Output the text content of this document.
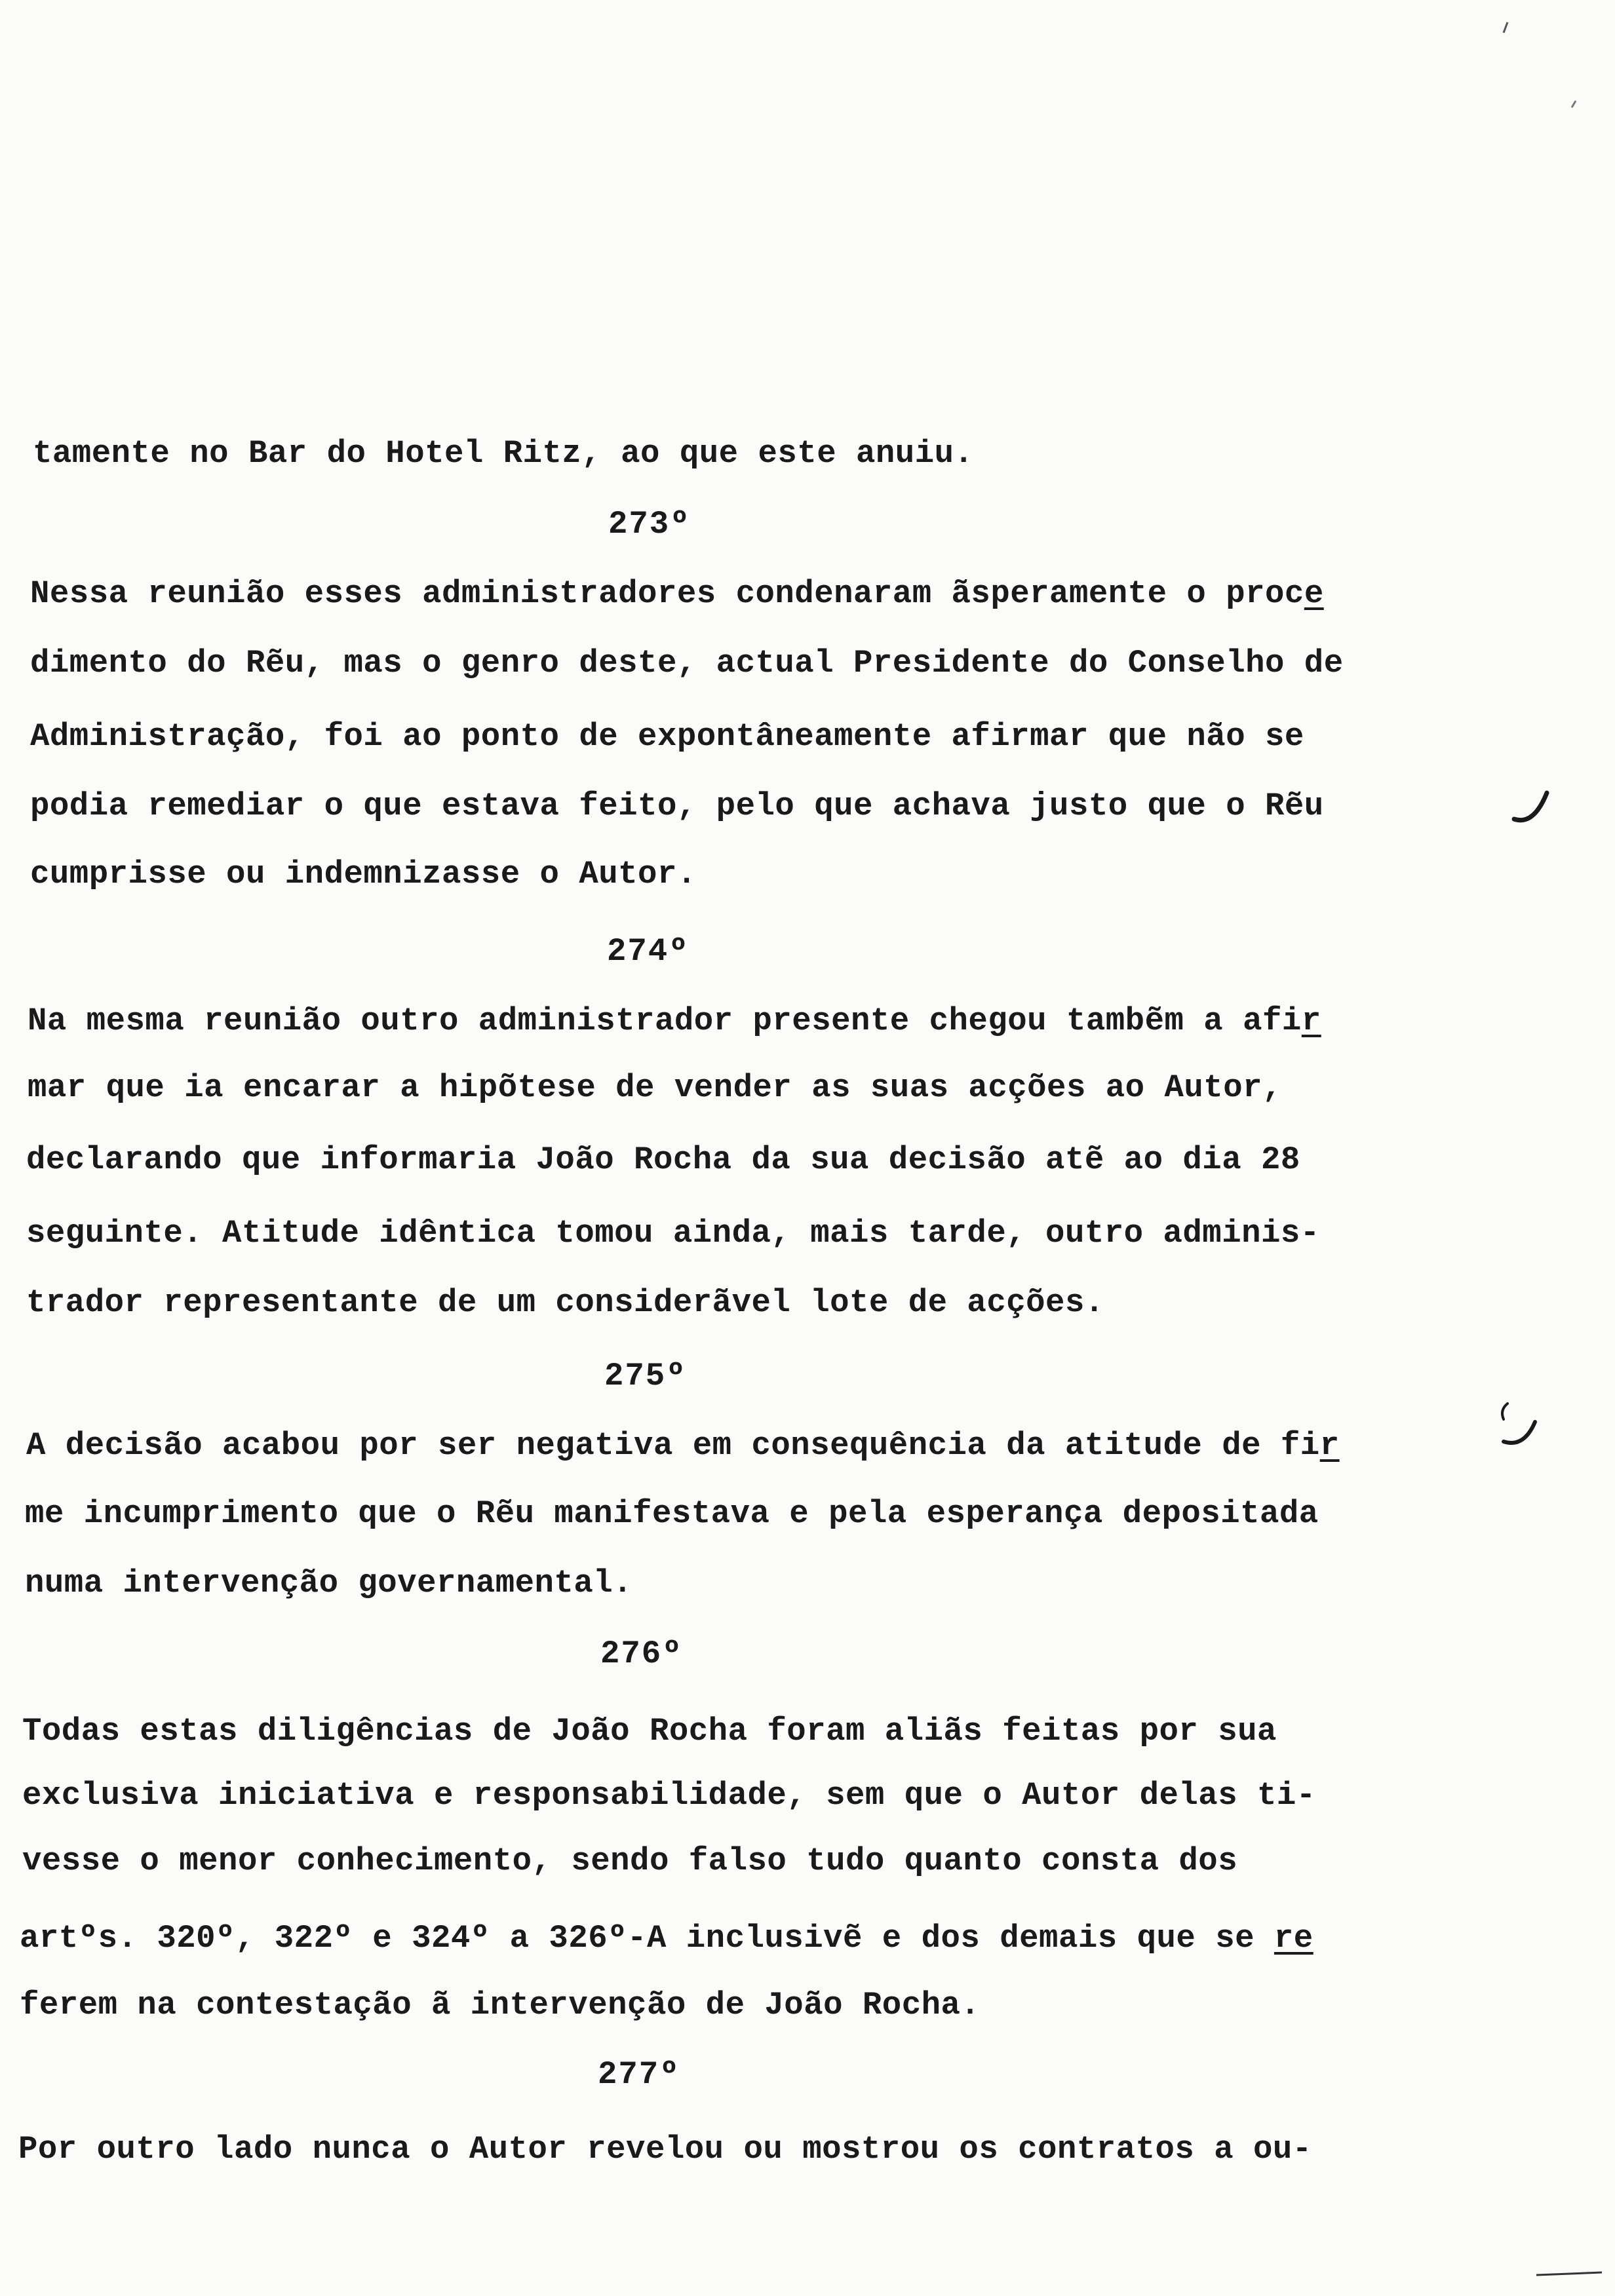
tamente no Bar do Hotel Ritz, ao que este anuiu.
273º
Nessa reunião esses administradores condenaram ãsperamente o proce
dimento do Rẽu, mas o genro deste, actual Presidente do Conselho de
Administração, foi ao ponto de expontâneamente afirmar que não se
podia remediar o que estava feito, pelo que achava justo que o Rẽu
cumprisse ou indemnizasse o Autor.
274º
Na mesma reunião outro administrador presente chegou tambẽm a afir
mar que ia encarar a hipõtese de vender as suas acções ao Autor,
declarando que informaria João Rocha da sua decisão atẽ ao dia 28
seguinte. Atitude idêntica tomou ainda, mais tarde, outro adminis-
trador representante de um considerãvel lote de acções.
275º
A decisão acabou por ser negativa em consequência da atitude de fir
me incumprimento que o Rẽu manifestava e pela esperança depositada
numa intervenção governamental.
276º
Todas estas diligências de João Rocha foram aliãs feitas por sua
exclusiva iniciativa e responsabilidade, sem que o Autor delas ti-
vesse o menor conhecimento, sendo falso tudo quanto consta dos
artºs. 320º, 322º e 324º a 326º-A inclusivẽ e dos demais que se re
ferem na contestação ã intervenção de João Rocha.
277º
Por outro lado nunca o Autor revelou ou mostrou os contratos a ou-
